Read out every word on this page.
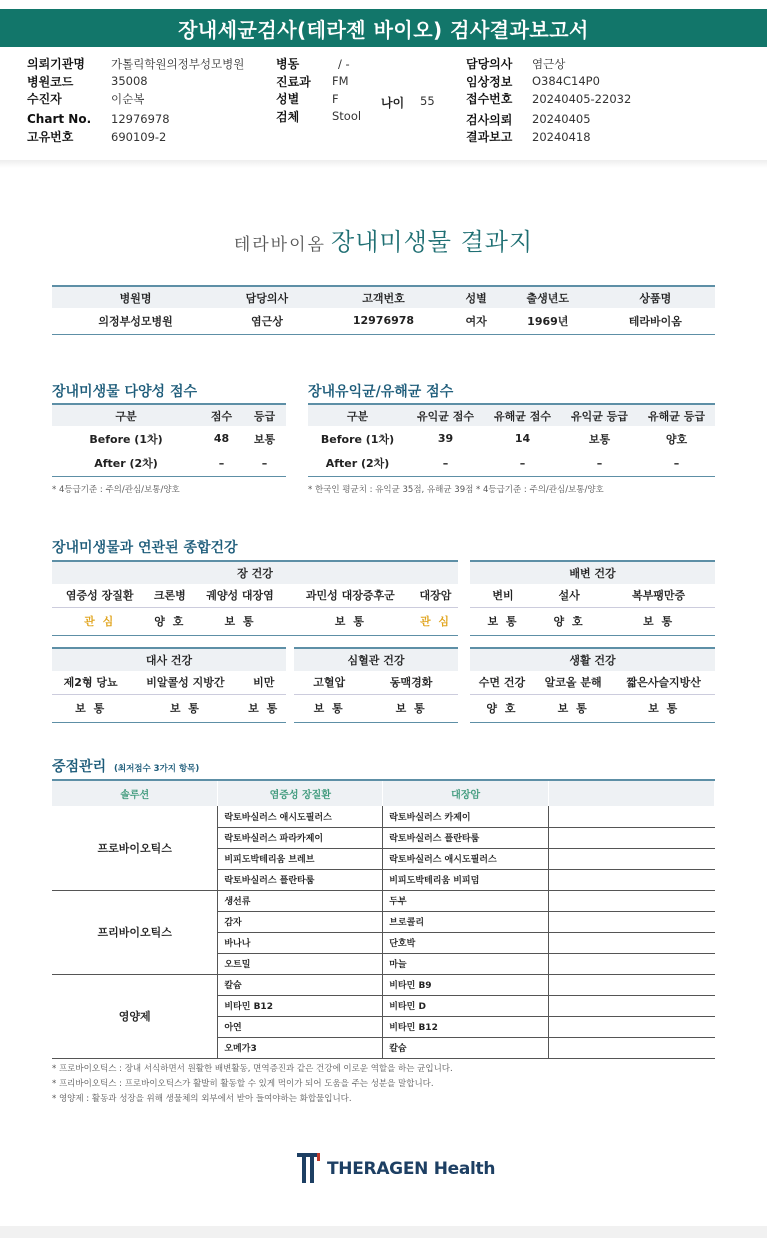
장내세균검사(테라젠 바이오) 검사결과보고서
의뢰기관명	가톨릭학원의정부성모병원
병원코드	35008
수진자	이순복
Chart No.	12976978
고유번호	690109-2
병동	/ -
진료과	FM
성별	F
검체	Stool
나이 55
담당의사	염근상
임상정보	O384C14P0
접수번호	20240405-22032
검사의뢰	20240405
결과보고	20240418
테라바이옴 장내미생물 결과지
병원명	담당의사	고객번호	성별	출생년도	상품명
의정부성모병원	염근상	12976978	여자	1969년	테라바이옴
장내미생물 다양성 점수
구분	점수	등급
Before (1차)	48	보통
After (2차)	–	–
* 4등급기준 : 주의/관심/보통/양호
장내유익균/유해균 점수
구분	유익균 점수	유해균 점수	유익균 등급	유해균 등급
Before (1차)	39	14	보통	양호
After (2차)	–	–	–	–
* 한국인 평균치 : 유익균 35점, 유해균 39점 * 4등급기준 : 주의/관심/보통/양호
장내미생물과 연관된 종합건강
장 건강				
염증성 장질환	크론병	궤양성 대장염	과민성 대장증후군	대장암
관 심	양 호	보 통	보 통	관 심
배변 건강		
변비	설사	복부팽만증
보 통	양 호	보 통
대사 건강		
제2형 당뇨	비알콜성 지방간	비만
보 통	보 통	보 통
심혈관 건강	
고혈압	동맥경화
보 통	보 통
생활 건강		
수면 건강	알코올 분해	짧은사슬지방산
양 호	보 통	보 통
중점관리 (최저점수 3가지 항목)
솔루션	염증성 장질환	대장암	
프로바이오틱스	락토바실러스 애시도필러스	락토바실러스 카제이	
	락토바실러스 파라카제이	락토바실러스 플란타룸	
	비피도박테리움 브레브	락토바실러스 애시도필러스	
	락토바실러스 플란타룸	비피도박테리움 비피덤	
프리바이오틱스	생선류	두부	
	감자	브로콜리	
	바나나	단호박	
	오트밀	마늘	
영양제	칼슘	비타민 B9	
	비타민 B12	비타민 D	
	아연	비타민 B12	
	오메가3	칼슘	
* 프로바이오틱스 : 장내 서식하면서 원활한 배변활동, 면역증진과 같은 건강에 이로운 역할을 하는 균입니다.
* 프리바이오틱스 : 프로바이오틱스가 활발히 활동할 수 있게 먹이가 되어 도움을 주는 성분을 말합니다.
* 영양제 : 활동과 성장을 위해 생물체의 외부에서 받아 들여야하는 화합물입니다.
THERAGEN Health
